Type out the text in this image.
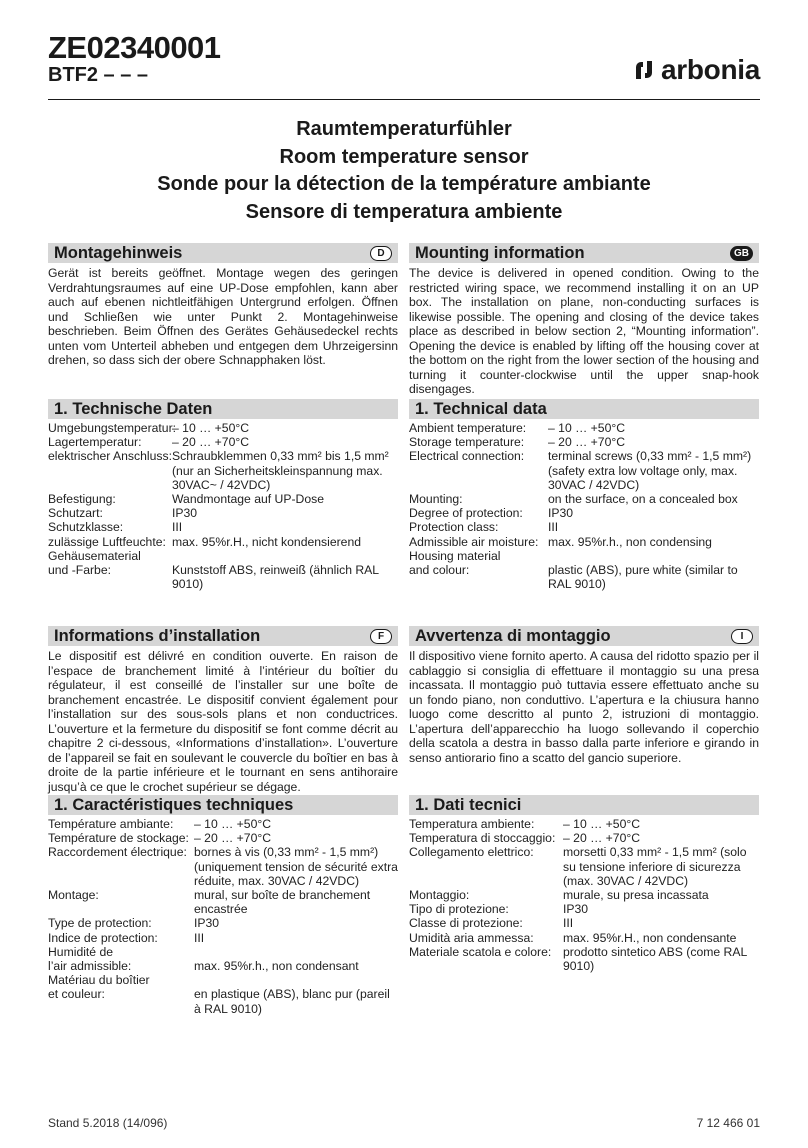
ZE02340001
BTF2 – – –	arbonia
Raumtemperaturfühler
Room temperature sensor
Sonde pour la détection de la température ambiante
Sensore di temperatura ambiente
Montagehinweis	D
Gerät ist bereits geöffnet. Montage wegen des geringen Verdrahtungsraumes auf eine UP-Dose empfohlen, kann aber auch auf ebenen nichtleitfähigen Untergrund erfolgen. Öffnen und Schließen wie unter Punkt 2. Montagehinweise beschrieben. Beim Öffnen des Gerätes Gehäusedeckel rechts unten vom Unterteil abheben und entgegen dem Uhrzeigersinn drehen, so dass sich der obere Schnapphaken löst.
Mounting information	GB
The device is delivered in opened condition. Owing to the restricted wiring space, we recommend installing it on an UP box. The installation on plane, non-conducting surfaces is likewise possible. The opening and closing of the device takes place as described in below section 2, “Mounting information”. Opening the device is enabled by lifting off the housing cover at the bottom on the right from the lower section of the housing and turning it counter-clockwise until the upper snap-hook disengages.
1. Technische Daten
Umgebungstemperatur:
– 10 … +50°C
Lagertemperatur:	– 20 … +70°C
elektrischer Anschluss: Schraubklemmen 0,33 mm² bis 1,5 mm² (nur an Sicherheitskleinspannung max. 30VAC~ / 42VDC)
Befestigung:	Wandmontage auf UP-Dose
Schutzart:	IP30
Schutzklasse:	III
zulässige Luftfeuchte: max. 95%r.H., nicht kondensierend
Gehäusematerial
und -Farbe:	Kunststoff ABS, reinweiß (ähnlich RAL 9010)
1. Technical data
Ambient temperature:	– 10 … +50°C
Storage temperature:	– 20 … +70°C
Electrical connection:	terminal screws (0,33 mm² - 1,5 mm²) (safety extra low voltage only, max. 30VAC / 42VDC)
Mounting:	on the surface, on a concealed box
Degree of protection:	IP30
Protection class:	III
Admissible air moisture: max. 95%r.h., non condensing
Housing material
and colour:	plastic (ABS), pure white (similar to RAL 9010)
Informations d’installation	F
Le dispositif est délivré en condition ouverte. En raison de l’espace de branchement limité à l’intérieur du boîtier du régulateur, il est conseillé de l’installer sur une boîte de branchement encastrée. Le dispositif convient également pour l’installation sur des sous-sols plans et non conductrices. L’ouverture et la fermeture du dispositif se font comme décrit au chapitre 2 ci-dessous, «Informations d’installation». L’ouverture de l’appareil se fait en soulevant le couvercle du boîtier en bas à droite de la partie inférieure et le tournant en sens antihoraire jusqu’à ce que le crochet supérieur se dégage.
Avvertenza di montaggio	I
Il dispositivo viene fornito aperto. A causa del ridotto spazio per il cablaggio si consiglia di effettuare il montaggio su una presa incassata. Il montaggio può tuttavia essere effettuato anche su un fondo piano, non conduttivo. L’apertura e la chiusura hanno luogo come descritto al punto 2, istruzioni di montaggio. L’apertura dell’apparecchio ha luogo sollevando il coperchio della scatola a destra in basso dalla parte inferiore e girando in senso antiorario fino a scatto del gancio superiore.
1. Caractéristiques techniques
Température ambiante:	– 10 … +50°C
Température de stockage: – 20 … +70°C
Raccordement électrique: bornes à vis (0,33 mm² - 1,5 mm²) (uniquement tension de sécurité extra réduite, max. 30VAC / 42VDC)
Montage:	mural, sur boîte de branchement encastrée
Type de protection:	IP30
Indice de protection:	III
Humidité de
l’air admissible:	max. 95%r.h., non condensant
Matériau du boîtier
et couleur:	en plastique (ABS), blanc pur (pareil à RAL 9010)
1. Dati tecnici
Temperatura ambiente:	– 10 … +50°C
Temperatura di stoccaggio: – 20 … +70°C
Collegamento elettrico:	morsetti 0,33 mm² - 1,5 mm² (solo su tensione inferiore di sicurezza (max. 30VAC / 42VDC)
Montaggio:	murale, su presa incassata
Tipo di protezione:	IP30
Classe di protezione:	III
Umidità aria ammessa:	max. 95%r.H., non condensante
Materiale scatola e colore: prodotto sintetico ABS (come RAL 9010)
Stand 5.2018 (14/096)	7 12 466 01
